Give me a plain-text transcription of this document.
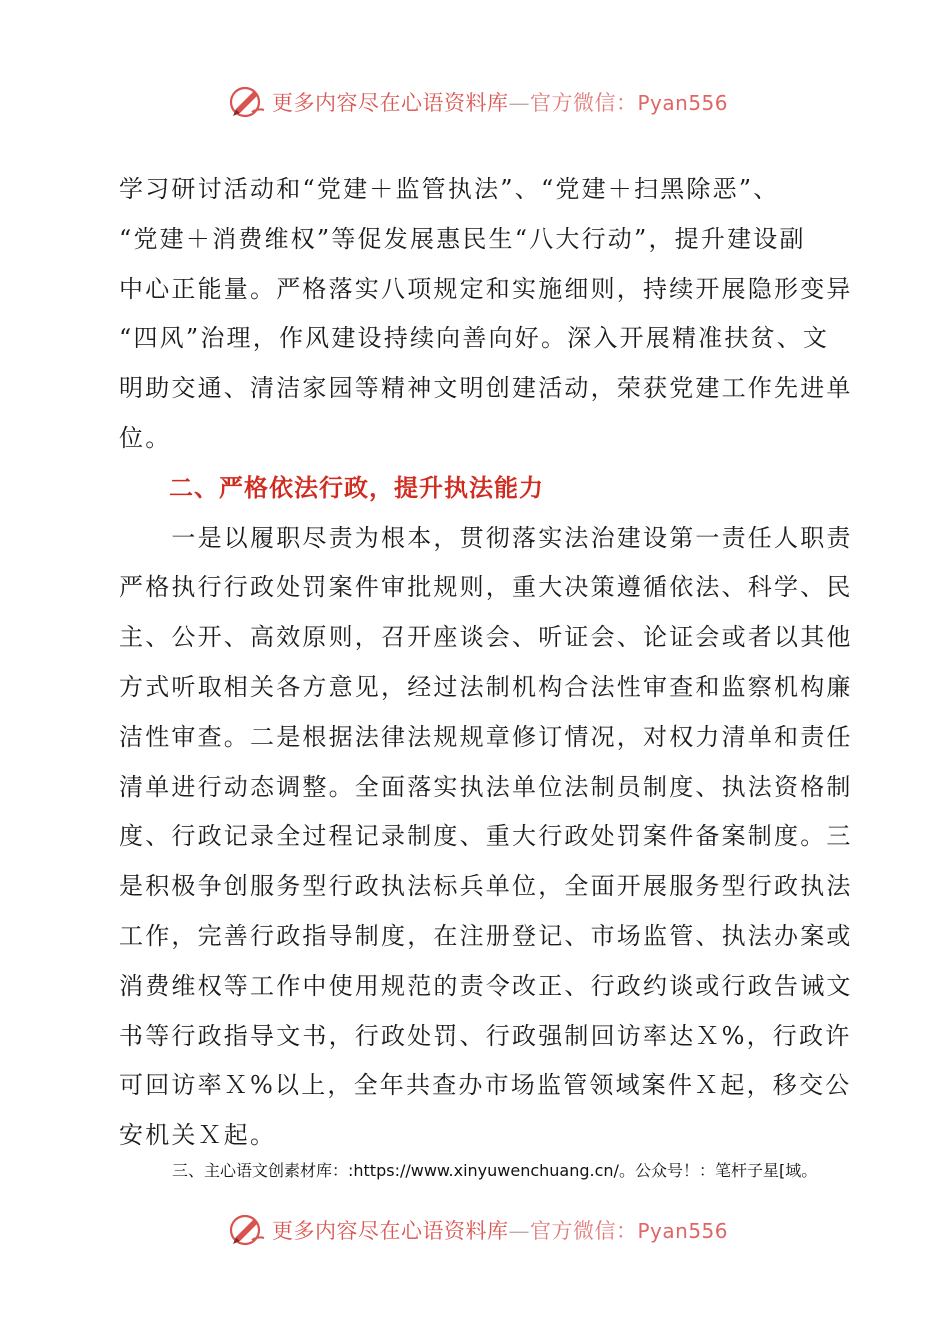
更多内容尽在心语资料库—官方微信：Pyan556

学习研讨活动和“党建＋监管执法”、“党建＋扫黑除恶”、

“党建＋消费维权”等促发展惠民生“八大行动”，提升建设副

中心正能量。严格落实八项规定和实施细则，持续开展隐形变异

“四风”治理，作风建设持续向善向好。深入开展精准扶贫、文

明助交通、清洁家园等精神文明创建活动，荣获党建工作先进单

位。

二、严格依法行政，提升执法能力

　　一是以履职尽责为根本，贯彻落实法治建设第一责任人职责

严格执行行政处罚案件审批规则，重大决策遵循依法、科学、民

主、公开、高效原则，召开座谈会、听证会、论证会或者以其他

方式听取相关各方意见，经过法制机构合法性审查和监察机构廉

洁性审查。二是根据法律法规规章修订情况，对权力清单和责任

清单进行动态调整。全面落实执法单位法制员制度、执法资格制

度、行政记录全过程记录制度、重大行政处罚案件备案制度。三

是积极争创服务型行政执法标兵单位，全面开展服务型行政执法

工作，完善行政指导制度，在注册登记、市场监管、执法办案或

消费维权等工作中使用规范的责令改正、行政约谈或行政告诫文

书等行政指导文书，行政处罚、行政强制回访率达Ｘ%，行政许

可回访率Ｘ%以上，全年共查办市场监管领域案件Ｘ起，移交公

安机关Ｘ起。

三、主心语文创素材库：:https://www.xinyuwenchuang.cn/。公众号！：笔杆子星[域。
更多内容尽在心语资料库—官方微信：Pyan556
